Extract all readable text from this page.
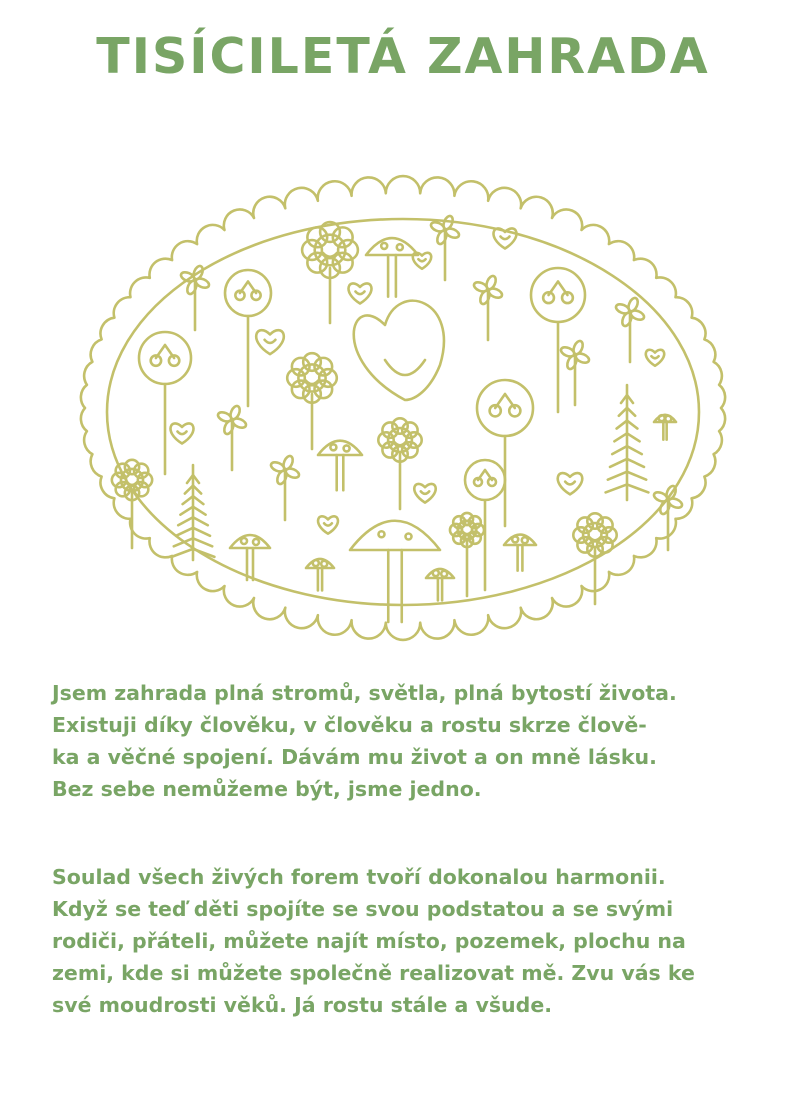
TISÍCILETÁ ZAHRADA

Jsem zahrada plná stromů, světla, plná bytostí života.
Existuji díky člověku, v člověku a rostu skrze člově-
ka a věčné spojení. Dávám mu život a on mně lásku.
Bez sebe nemůžeme být, jsme jedno.

Soulad všech živých forem tvoří dokonalou harmonii.
Když se teď děti spojíte se svou podstatou a se svými
rodiči, přáteli, můžete najít místo, pozemek, plochu na
zemi, kde si můžete společně realizovat mě. Zvu vás ke
své moudrosti věků. Já rostu stále a všude.
